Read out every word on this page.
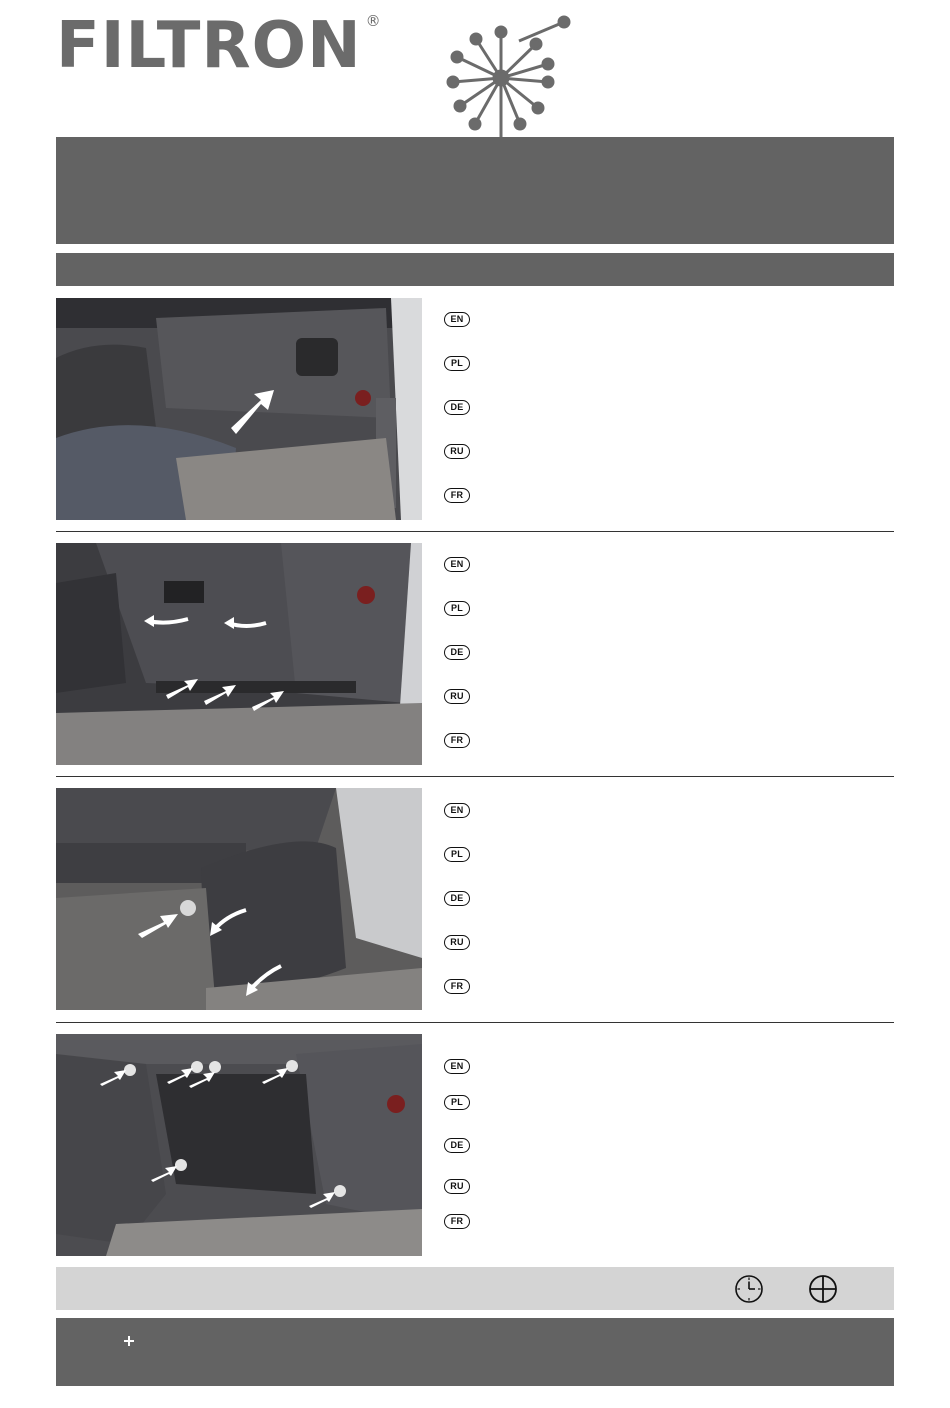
FILTRON ®
EN
PL
DE
RU
FR
EN
PL
DE
RU
FR
EN
PL
DE
RU
FR
EN
PL
DE
RU
FR
